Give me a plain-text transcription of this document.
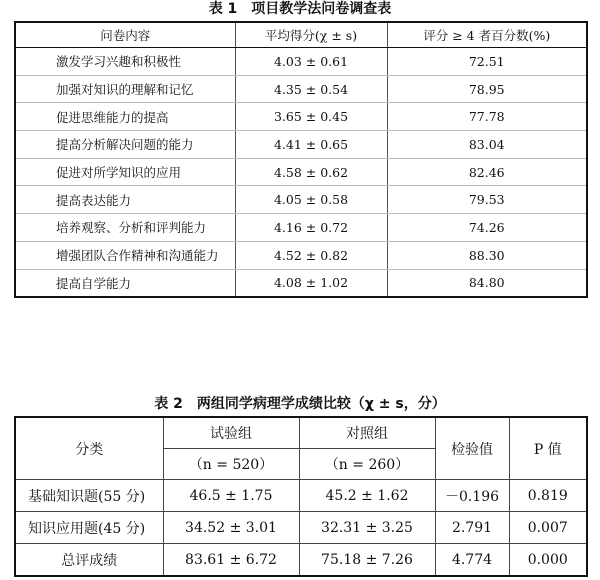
表 1　项目教学法问卷调查表
问卷内容	平均得分(χ ± s)	评分 ≥ 4 者百分数(%)
激发学习兴趣和积极性	4.03 ± 0.61	72.51
加强对知识的理解和记忆	4.35 ± 0.54	78.95
促进思维能力的提高	3.65 ± 0.45	77.78
提高分析解决问题的能力	4.41 ± 0.65	83.04
促进对所学知识的应用	4.58 ± 0.62	82.46
提高表达能力	4.05 ± 0.58	79.53
培养观察、分析和评判能力	4.16 ± 0.72	74.26
增强团队合作精神和沟通能力	4.52 ± 0.82	88.30
提高自学能力	4.08 ± 1.02	84.80
表 2　两组同学病理学成绩比较（χ ± s，分）
分类	试验组	对照组	检验值	P 值
	（n = 520）	（n = 260）		
基础知识题(55 分)	46.5 ± 1.75	45.2 ± 1.62	－0.196	0.819
知识应用题(45 分)	34.52 ± 3.01	32.31 ± 3.25	2.791	0.007
总评成绩	83.61 ± 6.72	75.18 ± 7.26	4.774	0.000
